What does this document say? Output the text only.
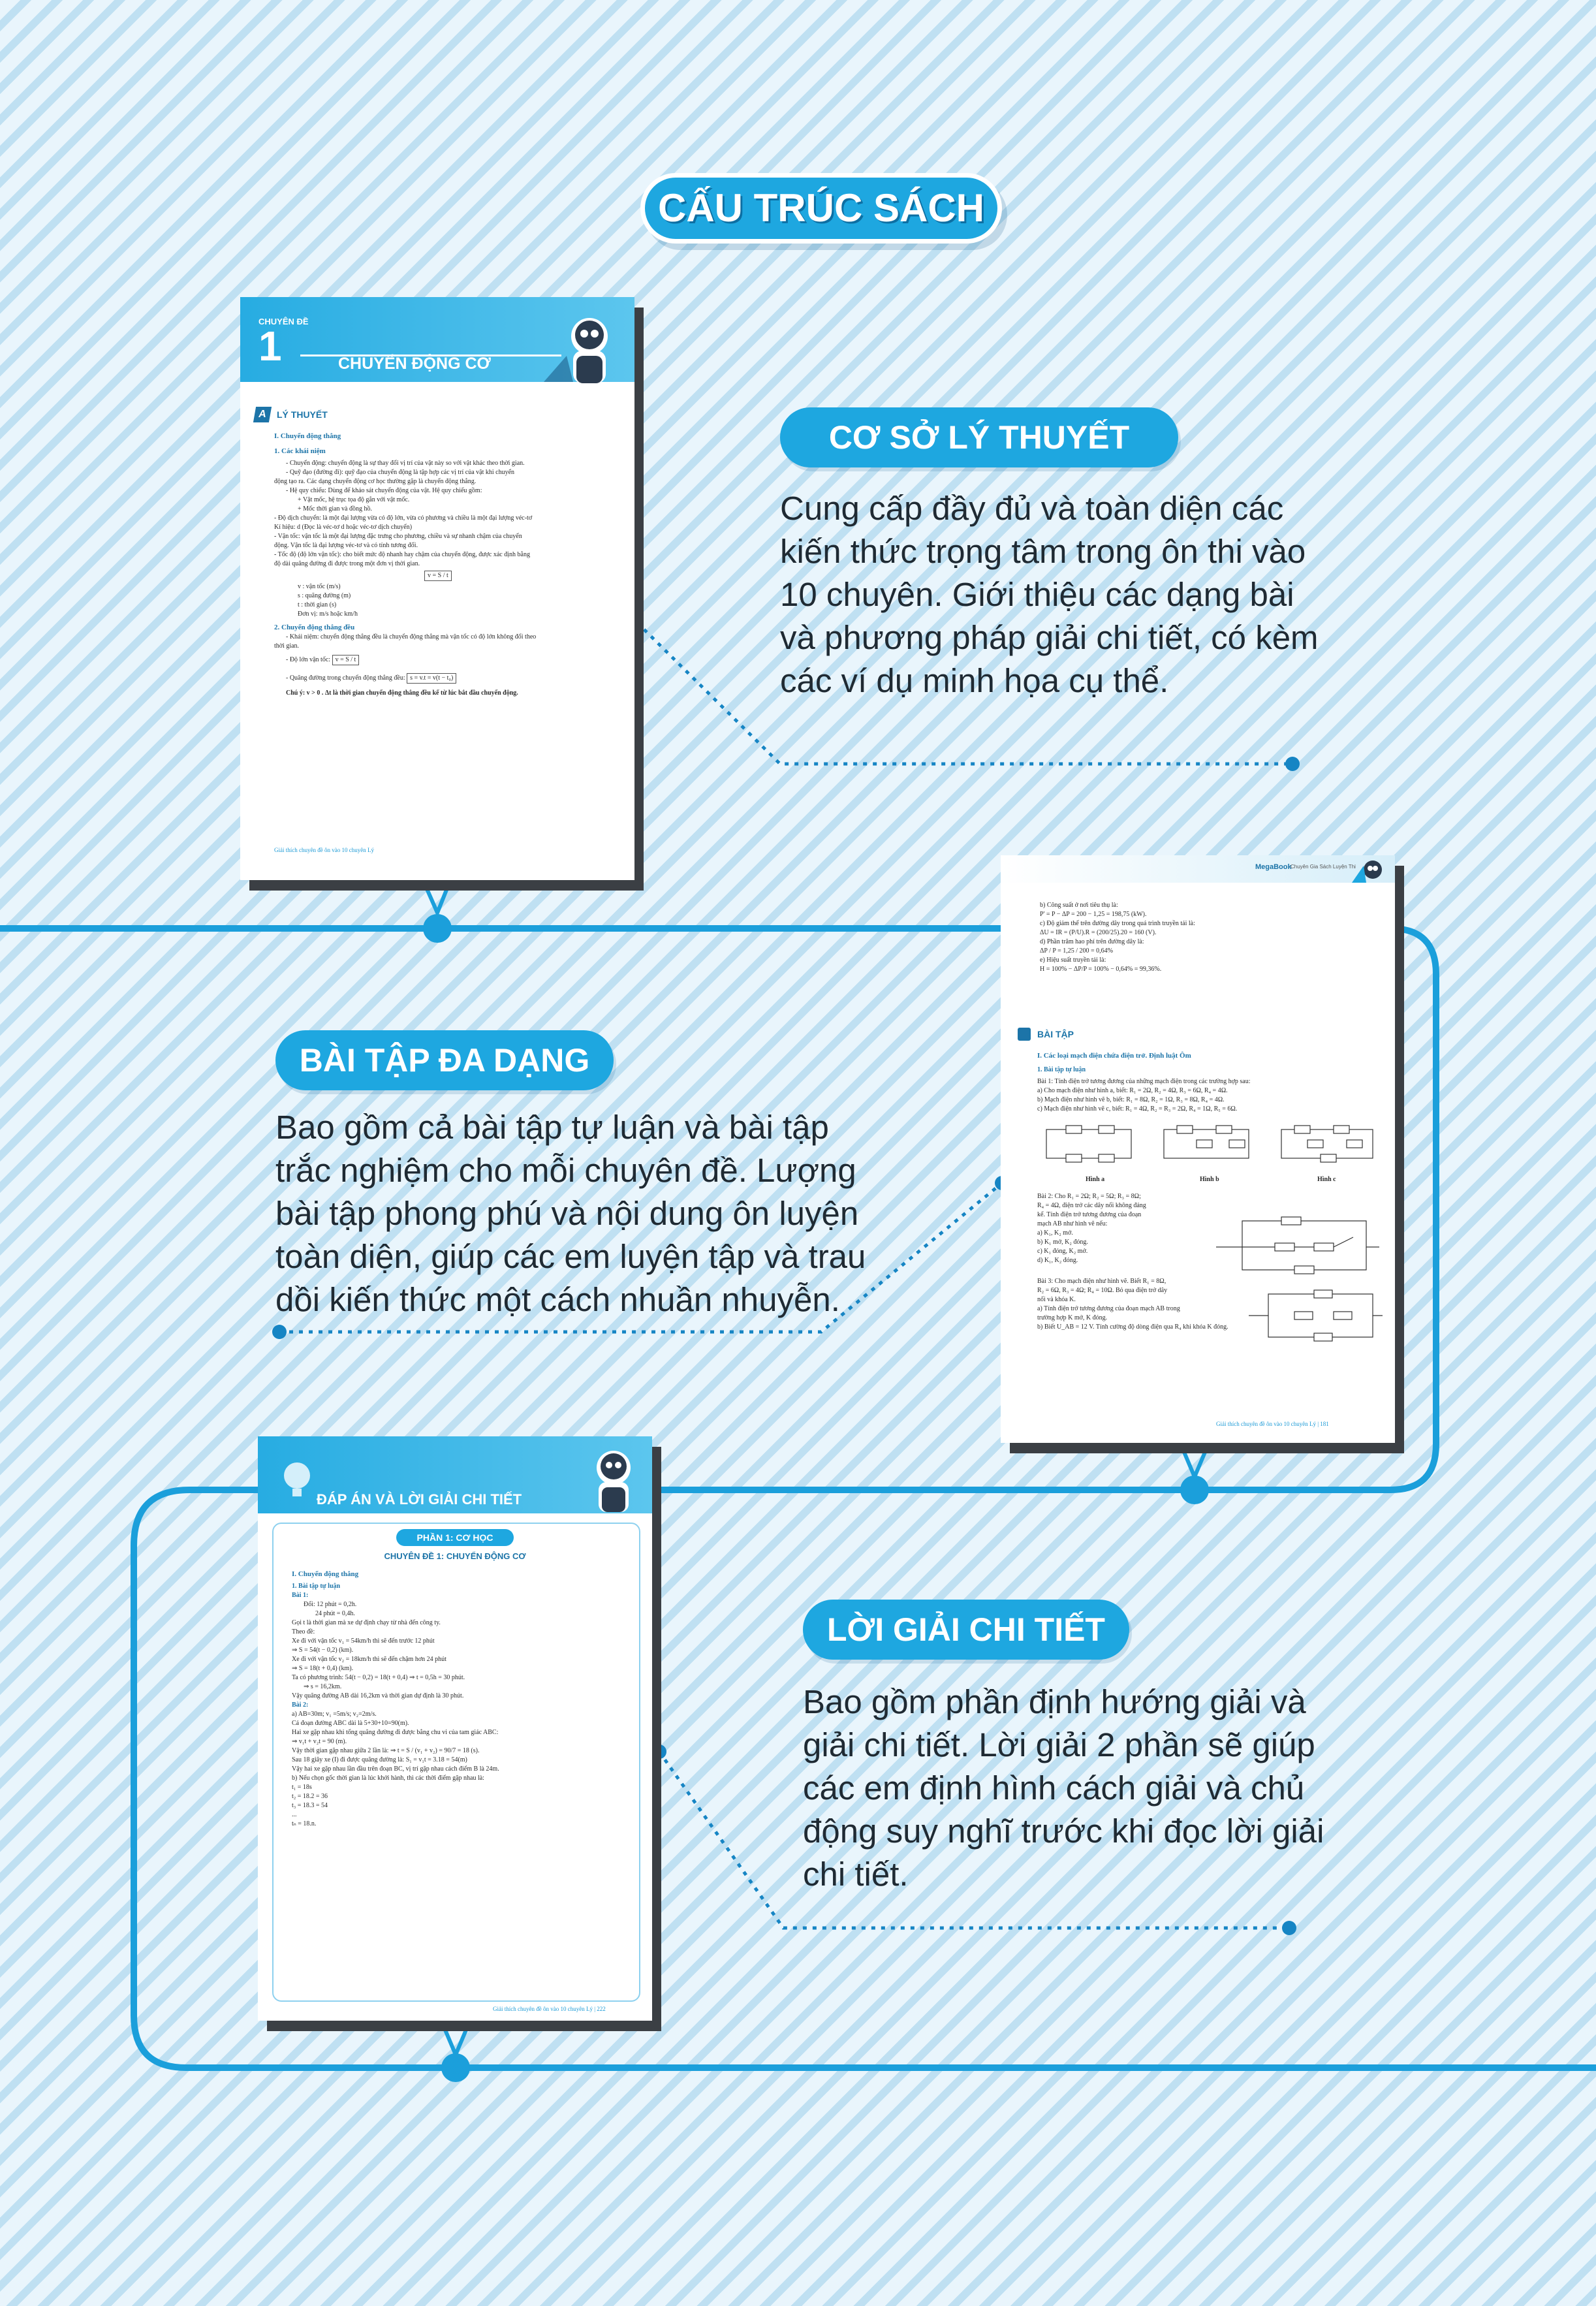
CẤU TRÚC SÁCH
CƠ SỞ LÝ THUYẾT
Cung cấp đầy đủ và toàn diện các
kiến thức trọng tâm trong ôn thi vào
10 chuyên. Giới thiệu các dạng bài
và phương pháp giải chi tiết, có kèm
các ví dụ minh họa cụ thể.
BÀI TẬP ĐA DẠNG
Bao gồm cả bài tập tự luận và bài tập
trắc nghiệm cho mỗi chuyên đề. Lượng
bài tập phong phú và nội dung ôn luyện
toàn diện, giúp các em luyện tập và trau
dồi kiến thức một cách nhuần nhuyễn.
LỜI GIẢI CHI TIẾT
Bao gồm phần định hướng giải và
giải chi tiết. Lời giải 2 phần sẽ giúp
các em định hình cách giải và chủ
động suy nghĩ trước khi đọc lời giải
chi tiết.
CHUYÊN ĐỀ
1	CHUYỂN ĐỘNG CƠ
A	LÝ THUYẾT
I. Chuyển động thẳng
1. Các khái niệm
- Chuyển động: chuyển động là sự thay đổi vị trí của vật này so với vật khác theo thời gian.
- Quỹ đạo (đường đi): quỹ đạo của chuyển động là tập hợp các vị trí của vật khi chuyển
động tạo ra. Các dạng chuyển động cơ học thường gặp là chuyển động thẳng.
- Hệ quy chiếu: Dùng để khảo sát chuyển động của vật. Hệ quy chiếu gồm:
+ Vật mốc, hệ trục tọa độ gắn với vật mốc.
+ Mốc thời gian và đồng hồ.
- Độ dịch chuyển: là một đại lượng vừa có độ lớn, vừa có phương và chiều là một đại lượng véc-tơ
Kí hiệu: d (Đọc là véc-tơ d hoặc véc-tơ dịch chuyển)
- Vận tốc: vận tốc là một đại lượng đặc trưng cho phương, chiều và sự nhanh chậm của chuyển
động. Vận tốc là đại lượng véc-tơ và có tính tương đối.
- Tốc độ (độ lớn vận tốc): cho biết mức độ nhanh hay chậm của chuyển động, được xác định bằng
độ dài quãng đường đi được trong một đơn vị thời gian.
v = S / t
v : vận tốc (m/s)
s : quãng đường (m)
t : thời gian (s)
Đơn vị: m/s hoặc km/h
2. Chuyển động thẳng đều
- Khái niệm: chuyển động thẳng đều là chuyển động thẳng mà vận tốc có độ lớn không đổi theo
thời gian.
- Độ lớn vận tốc: v = S / t
- Quãng đường trong chuyển động thẳng đều: s = v.t = v(t − t₀)
Chú ý: v > 0 . Δt là thời gian chuyển động thẳng đều kể từ lúc bắt đầu chuyển động.
Giải thích chuyên đề ôn vào 10 chuyên Lý
MegaBook
Chuyên Gia Sách Luyện Thi
b) Công suất ở nơi tiêu thụ là:
P' = P − ΔP = 200 − 1,25 = 198,75 (kW).
c) Độ giảm thế trên đường dây trong quá trình truyền tải là:
ΔU = IR = (P/U).R = (200/25).20 = 160 (V).
d) Phần trăm hao phí trên đường dây là:
ΔP / P = 1,25 / 200 = 0,64%
e) Hiệu suất truyền tải là:
H = 100% − ΔP/P = 100% − 0,64% = 99,36%.
BÀI TẬP
I. Các loại mạch điện chứa điện trở. Định luật Ôm
1. Bài tập tự luận
Bài 1: Tính điện trở tương đương của những mạch điện trong các trường hợp sau:
a) Cho mạch điện như hình a, biết: R₁ = 2Ω, R₂ = 4Ω, R₃ = 6Ω, R₄ = 4Ω.
b) Mạch điện như hình vẽ b, biết: R₁ = 8Ω, R₂ = 1Ω, R₃ = 8Ω, R₄ = 4Ω.
c) Mạch điện như hình vẽ c, biết: R₁ = 4Ω, R₂ = R₃ = 2Ω, R₄ = 1Ω, R₅ = 6Ω.
Hình a	Hình b	Hình c
Bài 2: Cho R₁ = 2Ω; R₂ = 5Ω; R₃ = 8Ω;
R₄ = 4Ω, điện trở các dây nối không đáng
kể. Tính điện trở tương đương của đoạn
mạch AB như hình vẽ nếu:
a) K₁, K₂ mở.
b) K₁ mở, K₂ đóng.
c) K₁ đóng, K₂ mở.
d) K₁, K₂ đóng.
Bài 3: Cho mạch điện như hình vẽ. Biết R₁ = 8Ω,
R₂ = 6Ω, R₃ = 4Ω; R₄ = 10Ω. Bỏ qua điện trở dây
nối và khóa K.
a) Tính điện trở tương đương của đoạn mạch AB trong
trường hợp K mở, K đóng.
b) Biết U_AB = 12 V. Tính cường độ dòng điện qua R₄ khi khóa K đóng.
Giải thích chuyên đề ôn vào 10 chuyên Lý | 181
ĐÁP ÁN VÀ LỜI GIẢI CHI TIẾT
PHẦN 1: CƠ HỌC
CHUYÊN ĐỀ 1: CHUYỂN ĐỘNG CƠ
I. Chuyển động thẳng
1. Bài tập tự luận
Bài 1:
Đổi: 12 phút = 0,2h.
24 phút = 0,4h.
Gọi t là thời gian mà xe dự định chạy từ nhà đến công ty.
Theo đề:
Xe đi với vận tốc v₁ = 54km/h thì sẽ đến trước 12 phút
⇒ S = 54(t − 0,2) (km).
Xe đi với vận tốc v₂ = 18km/h thì sẽ đến chậm hơn 24 phút
⇒ S = 18(t + 0,4) (km).
Ta có phương trình: 54(t − 0,2) = 18(t + 0,4) ⇒ t = 0,5h = 30 phút.
⇒ s = 16,2km.
Vậy quãng đường AB dài 16,2km và thời gian dự định là 30 phút.
Bài 2:
a) AB=30m; v₁ =5m/s; v₂=2m/s.
Cả đoạn đường ABC dài là 5+30+10=90(m).
Hai xe gặp nhau khi tổng quãng đường đi được bằng chu vi của tam giác ABC:
⇒ v₁t + v₂t = 90 (m).
Vậy thời gian gặp nhau giữa 2 lần là: ⇒ t = S / (v₁ + v₂) = 90/7 = 18 (s).
Sau 18 giây xe (I) đi được quãng đường là: S₁ = v₁t = 3.18 = 54(m)
Vậy hai xe gặp nhau lần đầu trên đoạn BC, vị trí gặp nhau cách điểm B là 24m.
b) Nếu chọn gốc thời gian là lúc khởi hành, thì các thời điểm gặp nhau là:
t₁ = 18s
t₂ = 18.2 = 36
t₃ = 18.3 = 54
...
tₙ = 18.n.
Giải thích chuyên đề ôn vào 10 chuyên Lý | 222
